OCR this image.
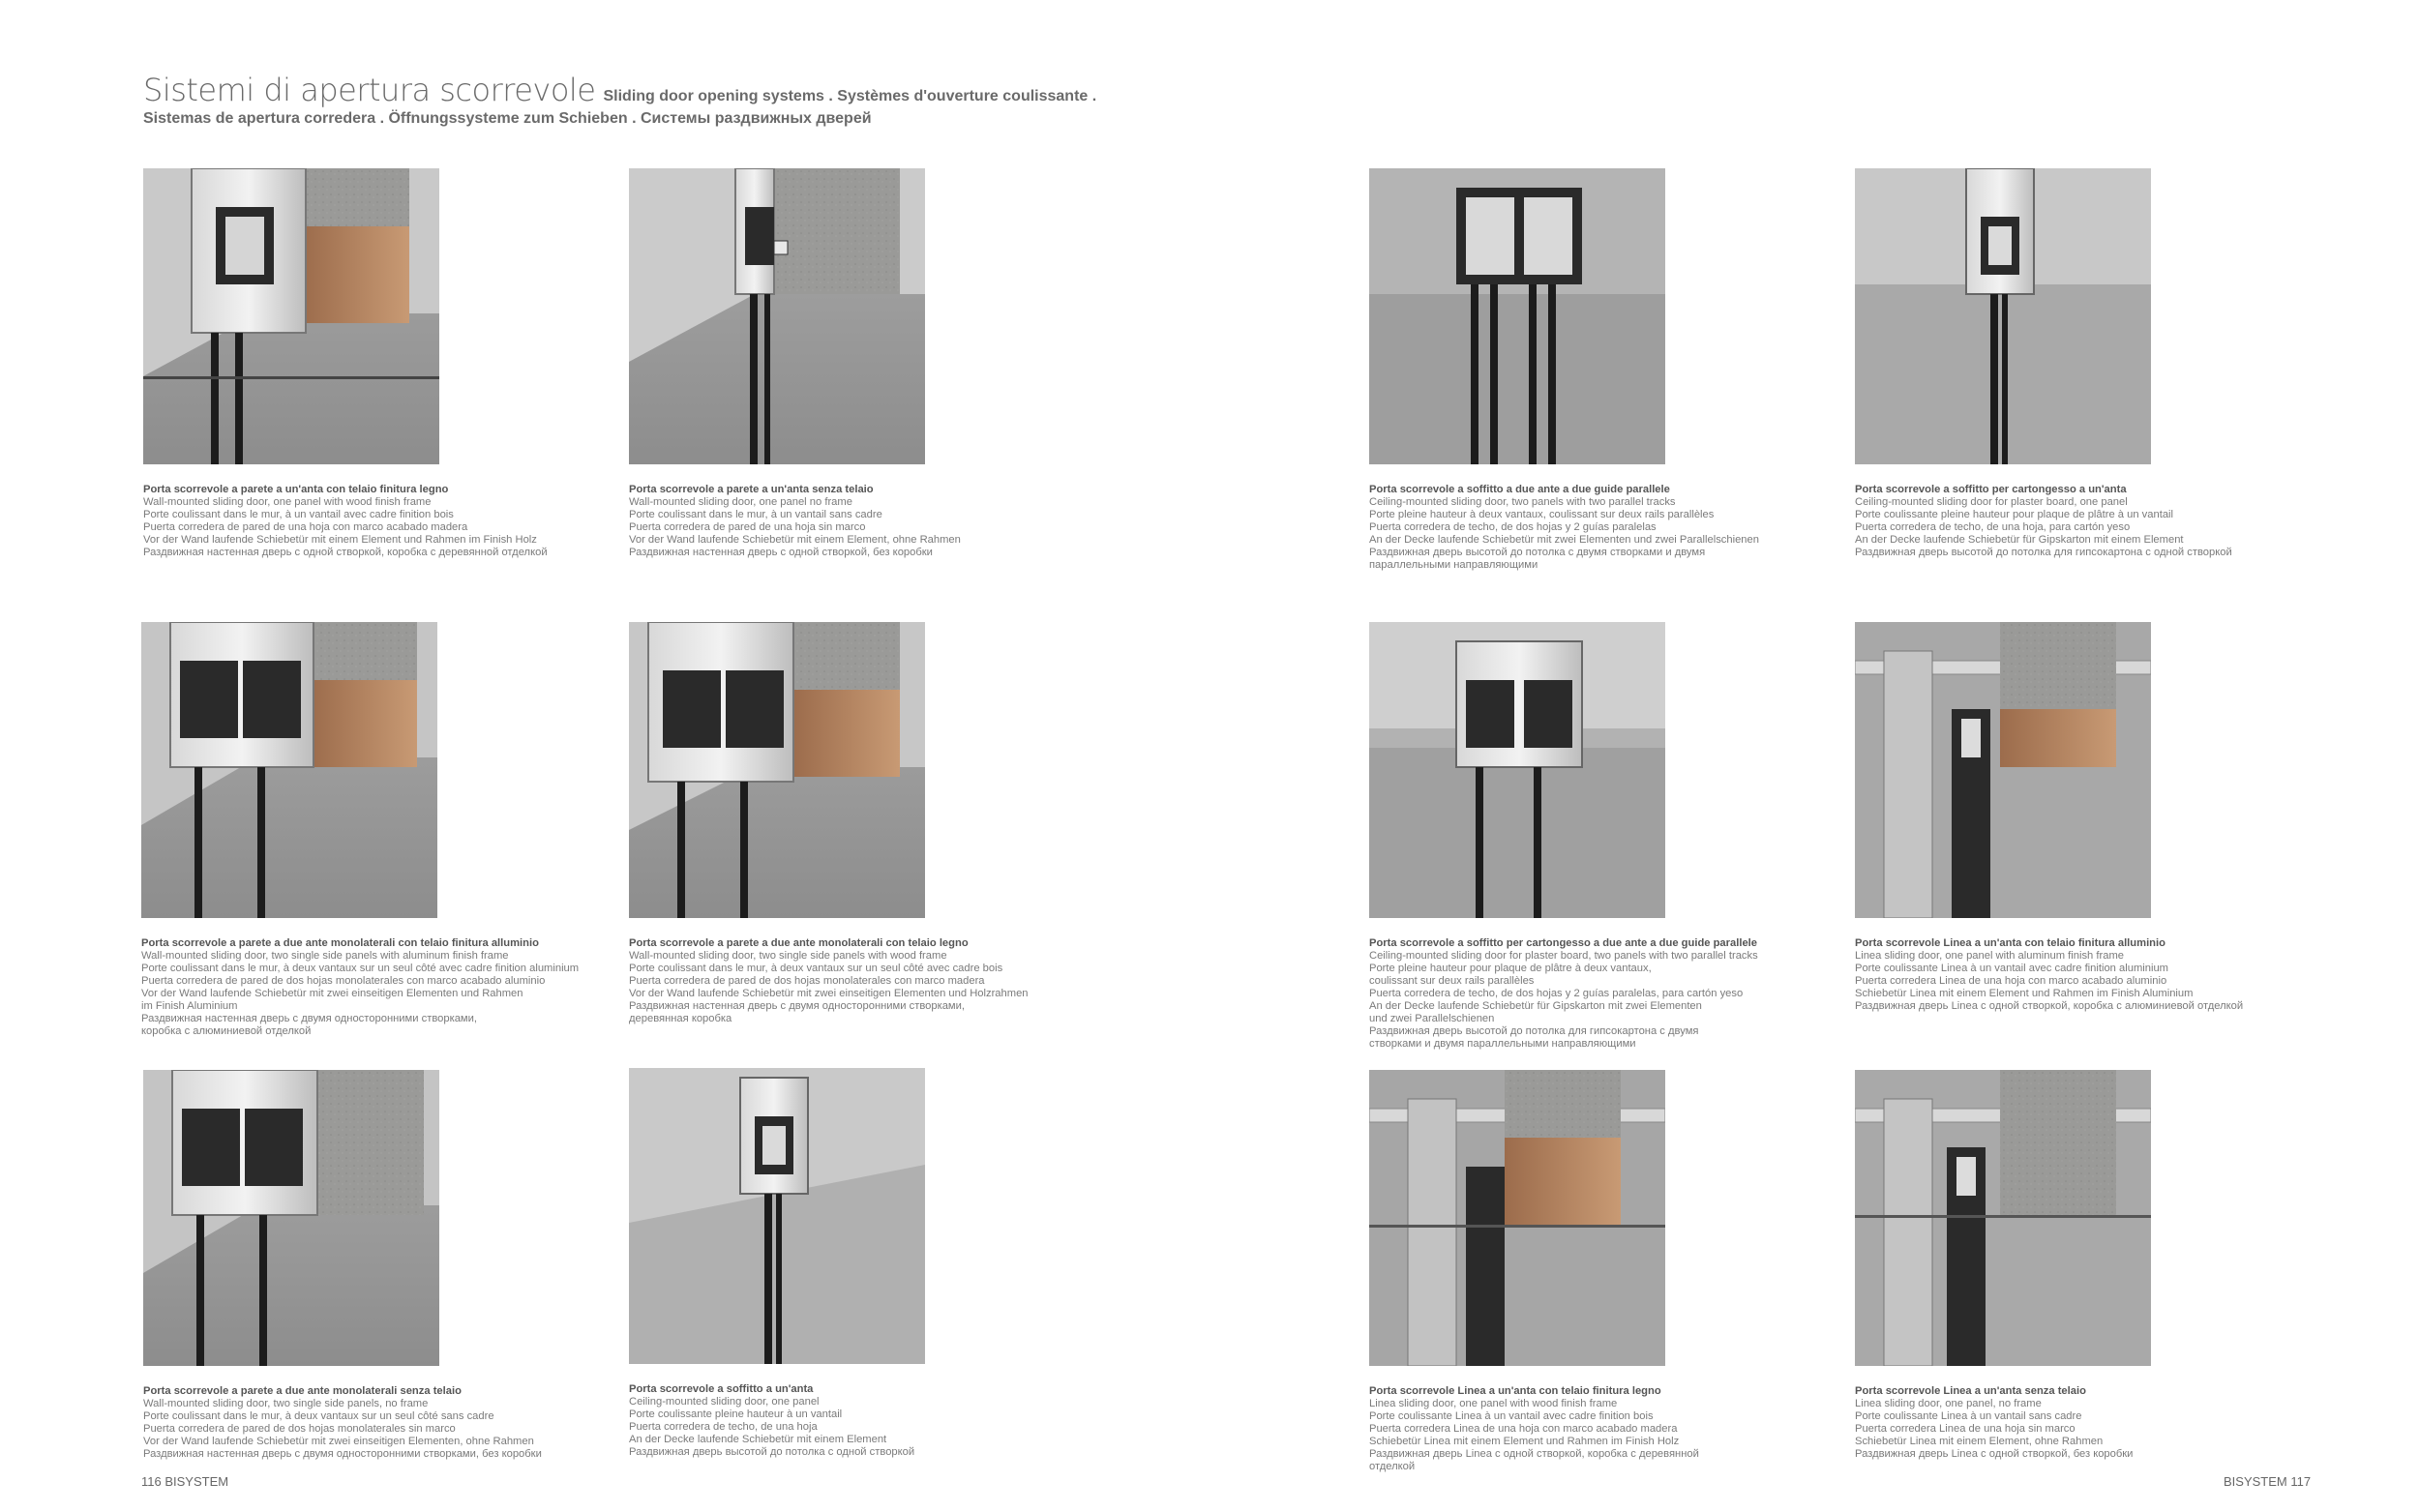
Sistemi di apertura scorrevole Sliding door opening systems . Systèmes d'ouverture coulissante .
Sistemas de apertura corredera . Öffnungssysteme zum Schieben . Системы раздвижных дверей
Porta scorrevole a parete a un'anta con telaio finitura legno
Wall-mounted sliding door, one panel with wood finish frame
Porte coulissant dans le mur, à un vantail avec cadre finition bois
Puerta corredera de pared de una hoja con marco acabado madera
Vor der Wand laufende Schiebetür mit einem Element und Rahmen im Finish Holz
Раздвижная настенная дверь с одной створкой, коробка с деревянной отделкой
Porta scorrevole a parete a un'anta senza telaio
Wall-mounted sliding door, one panel no frame
Porte coulissant dans le mur, à un vantail sans cadre
Puerta corredera de pared de una hoja sin marco
Vor der Wand laufende Schiebetür mit einem Element, ohne Rahmen
Раздвижная настенная дверь с одной створкой, без коробки
Porta scorrevole a soffitto a due ante a due guide parallele
Ceiling-mounted sliding door, two panels with two parallel tracks
Porte pleine hauteur à deux vantaux, coulissant sur deux rails parallèles
Puerta corredera de techo, de dos hojas y 2 guías paralelas
An der Decke laufende Schiebetür mit zwei Elementen und zwei Parallelschienen
Раздвижная дверь высотой до потолка с двумя створками и двумя
параллельными направляющими
Porta scorrevole a soffitto per cartongesso a un'anta
Ceiling-mounted sliding door for plaster board, one panel
Porte coulissante pleine hauteur pour plaque de plâtre à un vantail
Puerta corredera de techo, de una hoja, para cartón yeso
An der Decke laufende Schiebetür für Gipskarton mit einem Element
Раздвижная дверь высотой до потолка для гипсокартона с одной створкой
Porta scorrevole a parete a due ante monolaterali con telaio finitura alluminio
Wall-mounted sliding door, two single side panels with aluminum finish frame
Porte coulissant dans le mur, à deux vantaux sur un seul côté avec cadre finition aluminium
Puerta corredera de pared de dos hojas monolaterales con marco acabado aluminio
Vor der Wand laufende Schiebetür mit zwei einseitigen Elementen und Rahmen
im Finish Aluminium
Раздвижная настенная дверь с двумя односторонними створками,
коробка с алюминиевой отделкой
Porta scorrevole a parete a due ante monolaterali con telaio legno
Wall-mounted sliding door, two single side panels with wood frame
Porte coulissant dans le mur, à deux vantaux sur un seul côté avec cadre bois
Puerta corredera de pared de dos hojas monolaterales con marco madera
Vor der Wand laufende Schiebetür mit zwei einseitigen Elementen und Holzrahmen
Раздвижная настенная дверь с двумя односторонними створками,
деревянная коробка
Porta scorrevole a soffitto per cartongesso a due ante a due guide parallele
Ceiling-mounted sliding door for plaster board, two panels with two parallel tracks
Porte pleine hauteur pour plaque de plâtre à deux vantaux,
coulissant sur deux rails parallèles
Puerta corredera de techo, de dos hojas y 2 guías paralelas, para cartón yeso
An der Decke laufende Schiebetür für Gipskarton mit zwei Elementen
und zwei Parallelschienen
Раздвижная дверь высотой до потолка для гипсокартона с двумя
створками и двумя параллельными направляющими
Porta scorrevole Linea a un'anta con telaio finitura alluminio
Linea sliding door, one panel with aluminum finish frame
Porte coulissante Linea à un vantail avec cadre finition aluminium
Puerta corredera Linea de una hoja con marco acabado aluminio
Schiebetür Linea mit einem Element und Rahmen im Finish Aluminium
Раздвижная дверь Linea с одной створкой, коробка с алюминиевой отделкой
Porta scorrevole a parete a due ante monolaterali senza telaio
Wall-mounted sliding door, two single side panels, no frame
Porte coulissant dans le mur, à deux vantaux sur un seul côté sans cadre
Puerta corredera de pared de dos hojas monolaterales sin marco
Vor der Wand laufende Schiebetür mit zwei einseitigen Elementen, ohne Rahmen
Раздвижная настенная дверь с двумя односторонними створками, без коробки
Porta scorrevole a soffitto a un'anta
Ceiling-mounted sliding door, one panel
Porte coulissante pleine hauteur à un vantail
Puerta corredera de techo, de una hoja
An der Decke laufende Schiebetür mit einem Element
Раздвижная дверь высотой до потолка с одной створкой
Porta scorrevole Linea a un'anta con telaio finitura legno
Linea sliding door, one panel with wood finish frame
Porte coulissante Linea à un vantail avec cadre finition bois
Puerta corredera Linea de una hoja con marco acabado madera
Schiebetür Linea mit einem Element und Rahmen im Finish Holz
Раздвижная дверь Linea с одной створкой, коробка с деревянной
отделкой
Porta scorrevole Linea a un'anta senza telaio
Linea sliding door, one panel, no frame
Porte coulissante Linea à un vantail sans cadre
Puerta corredera Linea de una hoja sin marco
Schiebetür Linea mit einem Element, ohne Rahmen
Раздвижная дверь Linea с одной створкой, без коробки
116 BISYSTEM	BISYSTEM 117
